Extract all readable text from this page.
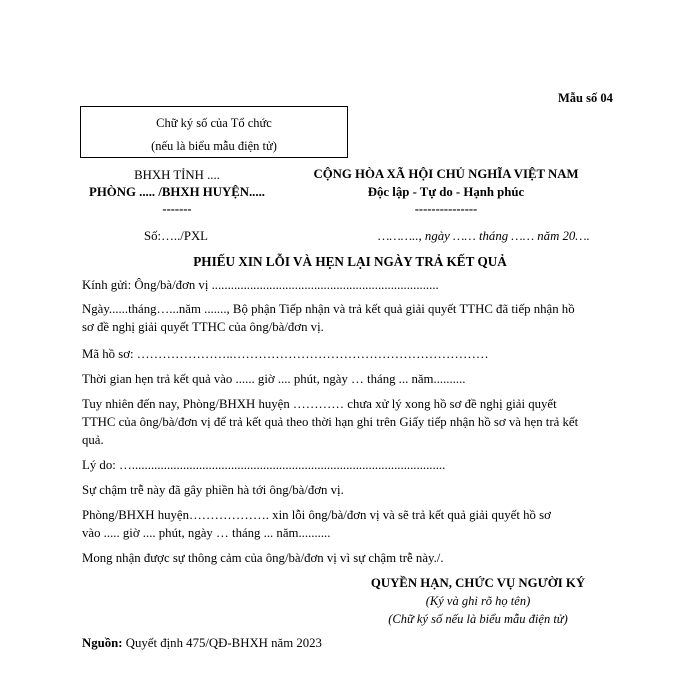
Mẫu số 04
Chữ ký số của Tổ chức
(nếu là biểu mẫu điện tử)
BHXH TỈNH ....
PHÒNG ..... /BHXH HUYỆN.....
-------
Số:…../PXL
CỘNG HÒA XÃ HỘI CHỦ NGHĨA VIỆT NAM
Độc lập - Tự do - Hạnh phúc
---------------
……….., ngày …… tháng …… năm 20….
PHIẾU XIN LỖI VÀ HẸN LẠI NGÀY TRẢ KẾT QUẢ
Kính gửi: Ông/bà/đơn vị .......................................................................
Ngày......tháng…...năm ......., Bộ phận Tiếp nhận và trả kết quả giải quyết TTHC đã tiếp nhận hồ
sơ đề nghị giải quyết TTHC của ông/bà/đơn vị.
Mã hồ sơ: …………………..……………………………………………………
Thời gian hẹn trả kết quả vào ...... giờ .... phút, ngày … tháng ... năm..........
Tuy nhiên đến nay, Phòng/BHXH huyện ………… chưa xử lý xong hồ sơ đề nghị giải quyết
TTHC của ông/bà/đơn vị để trả kết quả theo thời hạn ghi trên Giấy tiếp nhận hồ sơ và hẹn trả kết
quả.
Lý do: …..................................................................................................
Sự chậm trễ này đã gây phiền hà tới ông/bà/đơn vị.
Phòng/BHXH huyện………………. xin lỗi ông/bà/đơn vị và sẽ trả kết quả giải quyết hồ sơ
vào ..... giờ .... phút, ngày … tháng ... năm..........
Mong nhận được sự thông cảm của ông/bà/đơn vị vì sự chậm trễ này./.
QUYỀN HẠN, CHỨC VỤ NGƯỜI KÝ
(Ký và ghi rõ họ tên)
(Chữ ký số nếu là biểu mẫu điện tử)
Nguồn: Quyết định 475/QĐ-BHXH năm 2023
